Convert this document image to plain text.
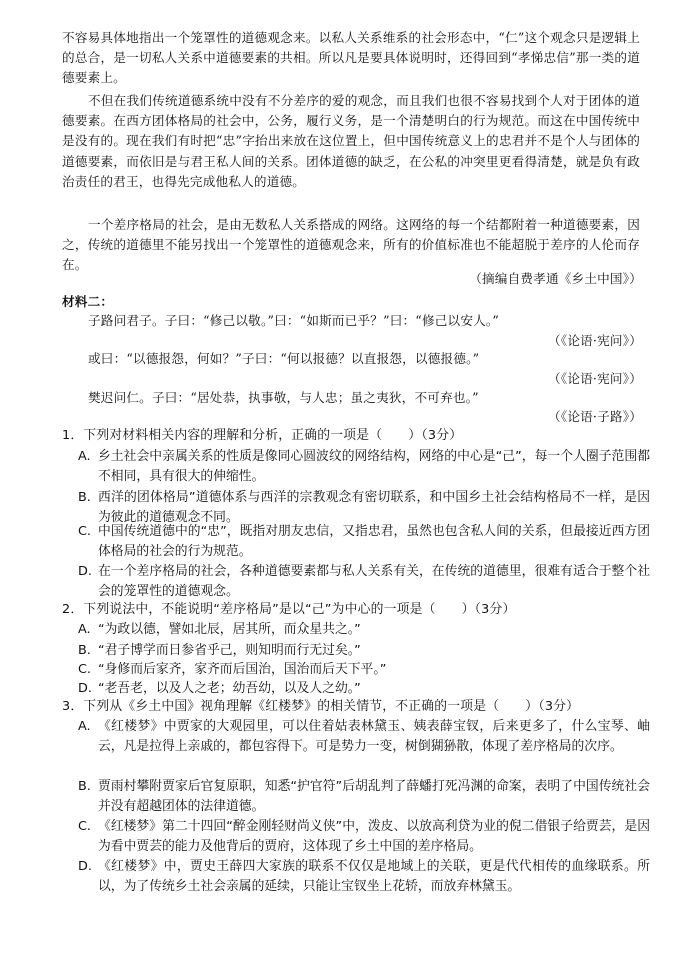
不容易具体地指出一个笼罩性的道德观念来。以私人关系维系的社会形态中，“仁”这个观念只是逻辑上的总合，是一切私人关系中道德要素的共相。所以凡是要具体说明时，还得回到“孝悌忠信”那一类的道德要素上。

不但在我们传统道德系统中没有不分差序的爱的观念，而且我们也很不容易找到个人对于团体的道德要素。在西方团体格局的社会中，公务，履行义务，是一个清楚明白的行为规范。而这在中国传统中是没有的。现在我们有时把“忠”字抬出来放在这位置上，但中国传统意义上的忠君并不是个人与团体的道德要素，而依旧是与君王私人间的关系。团体道德的缺乏，在公私的冲突里更看得清楚，就是负有政治责任的君王，也得先完成他私人的道德。

一个差序格局的社会，是由无数私人关系搭成的网络。这网络的每一个结都附着一种道德要素，因之，传统的道德里不能另找出一个笼罩性的道德观念来，所有的价值标准也不能超脱于差序的人伦而存在。

（摘编自费孝通《乡土中国》）

材料二：

子路问君子。子曰：“修己以敬。”曰：“如斯而已乎？”曰：“修己以安人。”

（《论语·宪问》）

或曰：“以德报怨，何如？”子曰：“何以报德？以直报怨，以德报德。”

（《论语·宪问》）

樊迟问仁。子曰：“居处恭，执事敬，与人忠；虽之夷狄，不可弃也。”

（《论语·子路》）

1．下列对材料相关内容的理解和分析，正确的一项是（　　）（3分）

A. 乡土社会中亲属关系的性质是像同心圆波纹的网络结构，网络的中心是“己”，每一个人圈子范围都不相同，具有很大的伸缩性。
B. 西洋的团体格局”道德体系与西洋的宗教观念有密切联系，和中国乡土社会结构格局不一样，是因为彼此的道德观念不同。
C. 中国传统道德中的“忠”，既指对朋友忠信，又指忠君，虽然也包含私人间的关系，但最接近西方团体格局的社会的行为规范。
D. 在一个差序格局的社会，各种道德要素都与私人关系有关，在传统的道德里，很难有适合于整个社会的笼罩性的道德观念。

2．下列说法中，不能说明“差序格局”是以“己”为中心的一项是（　　）（3分）

A. “为政以德，譬如北辰，居其所，而众星共之。”
B. “君子博学而日参省乎己，则知明而行无过矣。”
C. “身修而后家齐，家齐而后国治，国治而后天下平。”
D. “老吾老，以及人之老；幼吾幼，以及人之幼。”

3．下列从《乡土中国》视角理解《红楼梦》的相关情节，不正确的一项是（　　）（3分）

A. 《红楼梦》中贾家的大观园里，可以住着姑表林黛玉、姨表薛宝钗，后来更多了，什么宝琴、岫云，凡是拉得上亲戚的，都包容得下。可是势力一变，树倒猢狲散，体现了差序格局的次序。
B. 贾雨村攀附贾家后官复原职，知悉“护官符”后胡乱判了薛蟠打死冯渊的命案，表明了中国传统社会并没有超越团体的法律道德。
C. 《红楼梦》第二十四回“醉金刚轻财尚义侠”中，泼皮、以放高利贷为业的倪二借银子给贾芸，是因为看中贾芸的能力及他背后的贾府，这体现了乡土中国的差序格局。
D. 《红楼梦》中，贾史王薛四大家族的联系不仅仅是地域上的关联，更是代代相传的血缘联系。所以，为了传统乡土社会亲属的延续，只能让宝钗坐上花轿，而放弃林黛玉。
